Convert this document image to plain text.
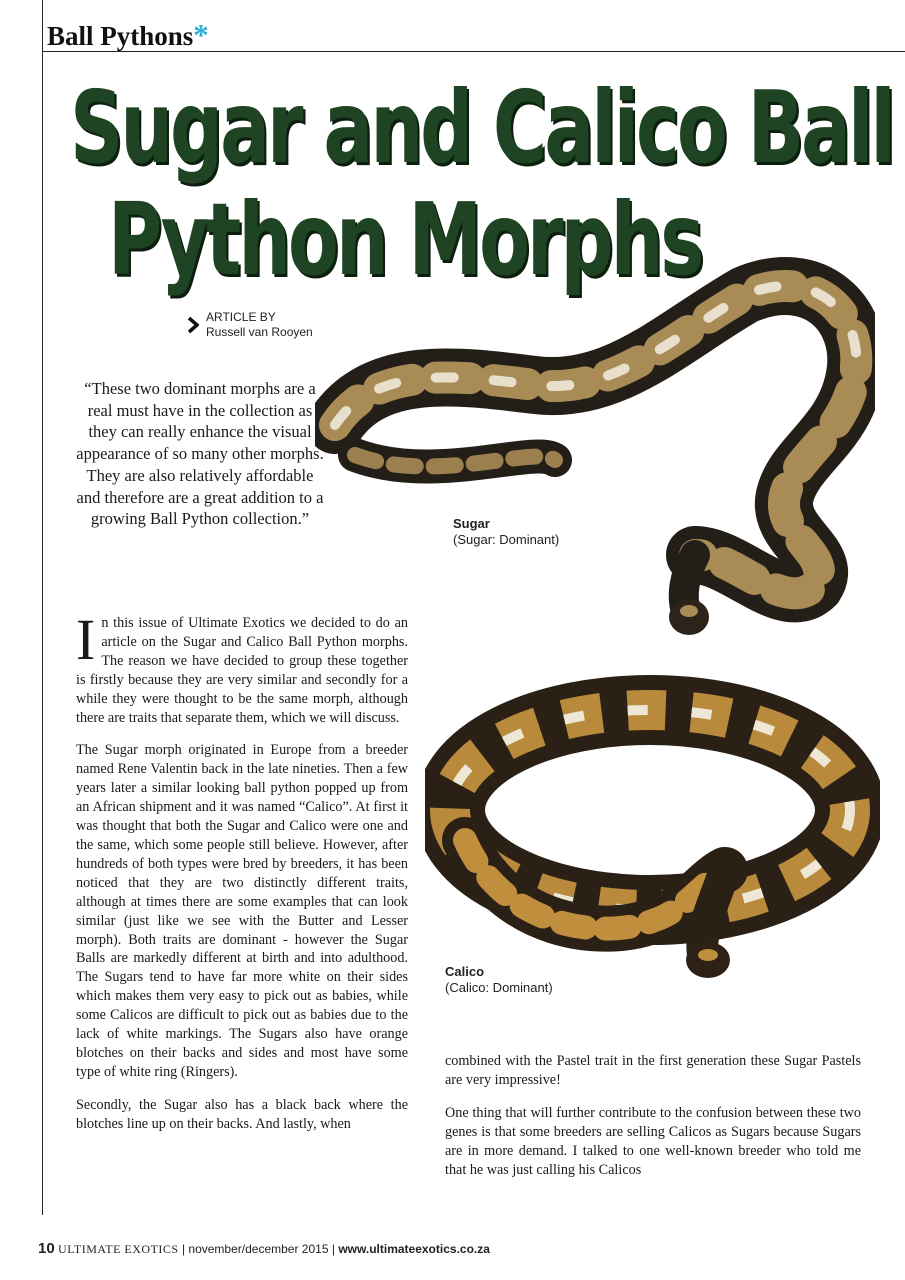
Ball Pythons*
Sugar and Calico Ball
Python Morphs
ARTICLE BY
Russell van Rooyen
“These two dominant morphs are a real must have in the collection as they can really enhance the visual appearance of so many other morphs. They are also relatively affordable and therefore are a great addition to a growing Ball Python collection.”	Sugar
(Sugar: Dominant)
Calico
(Calico: Dominant)

In this issue of Ultimate Exotics we decided to do an article on the Sugar and Calico Ball Python morphs. The reason we have decided to group these together is firstly because they are very similar and secondly for a while they were thought to be the same morph, although there are traits that separate them, which we will discuss.

The Sugar morph originated in Europe from a breeder named Rene Valentin back in the late nineties. Then a few years later a similar looking ball python popped up from an African shipment and it was named “Calico”. At first it was thought that both the Sugar and Calico were one and the same, which some people still believe. However, after hundreds of both types were bred by breeders, it has been noticed that they are two distinctly different traits, although at times there are some examples that can look similar (just like we see with the Butter and Lesser morph). Both traits are dominant - however the Sugar Balls are markedly different at birth and into adulthood. The Sugars tend to have far more white on their sides which makes them very easy to pick out as babies, while some Calicos are difficult to pick out as babies due to the lack of white markings. The Sugars also have orange blotches on their backs and sides and most have some type of white ring (Ringers).

Secondly, the Sugar also has a black back where the blotches line up on their backs. And lastly, when

combined with the Pastel trait in the first generation these Sugar Pastels are very impressive!

One thing that will further contribute to the confusion between these two genes is that some breeders are selling Calicos as Sugars because Sugars are in more demand. I talked to one well-known breeder who told me that he was just calling his Calicos

10 ULTIMATE EXOTICS | november/december 2015 | www.ultimateexotics.co.za
